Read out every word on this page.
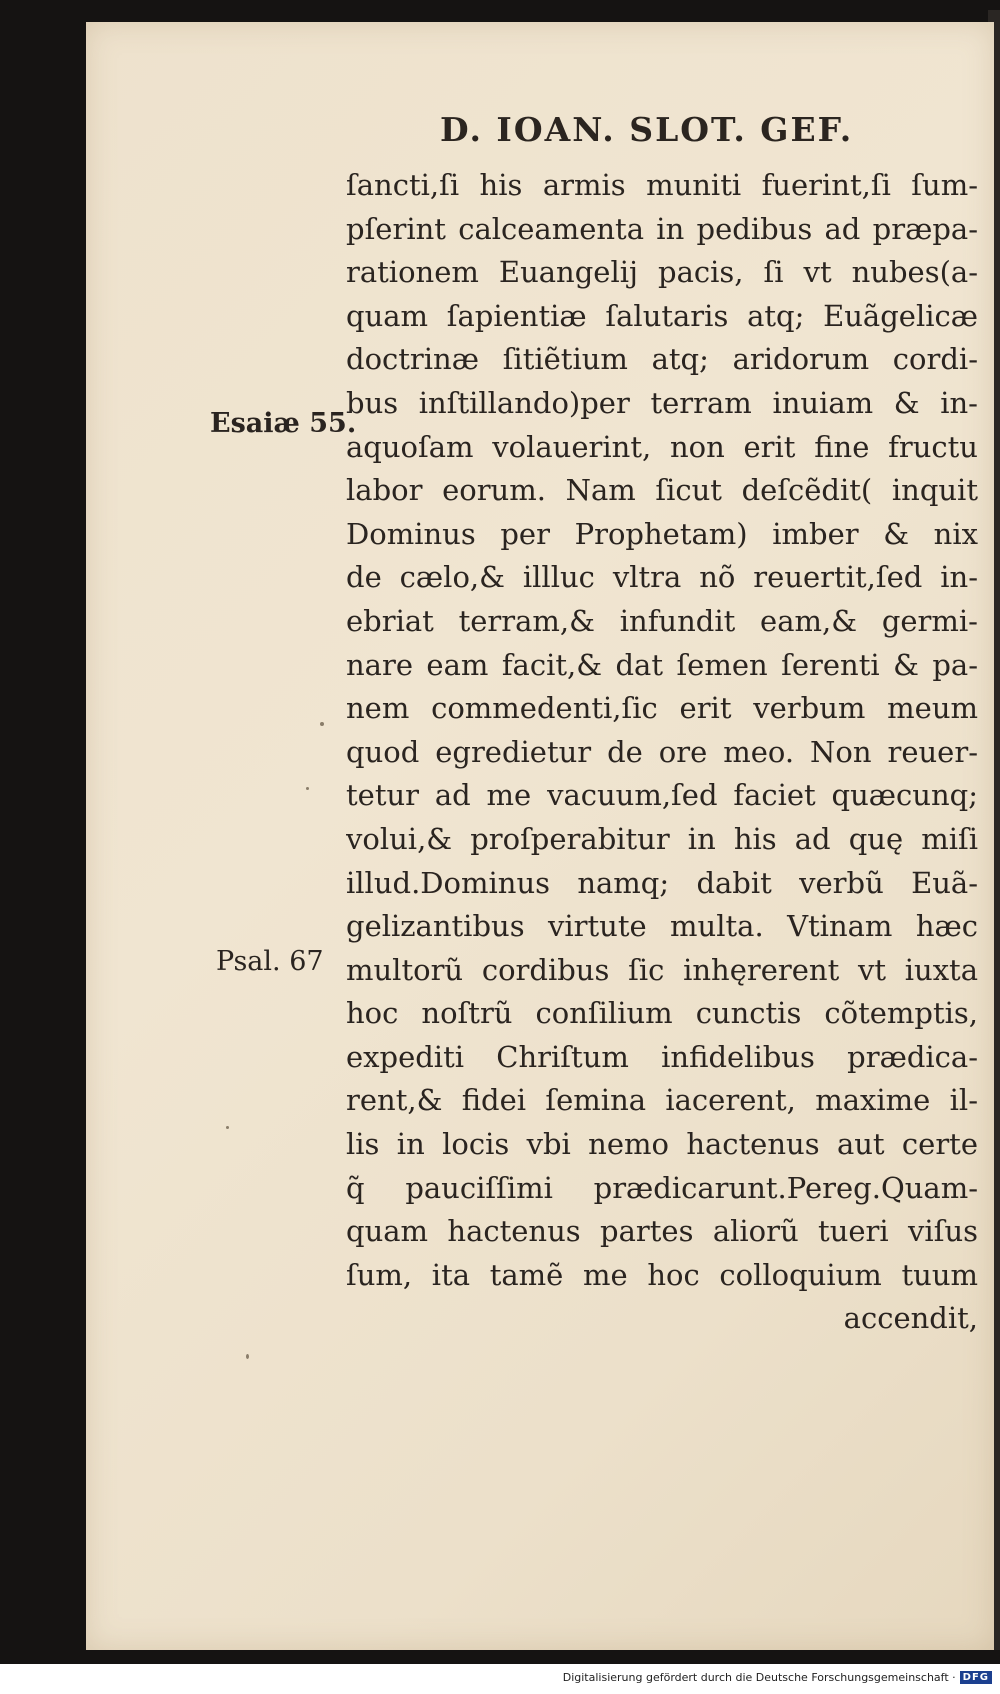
D. IOAN. SLOT. GEF.
Esaiæ 55.
Psal. 67
ſancti,ſi his armis muniti fuerint,ſi ſum-
pſerint calceamenta in pedibus ad præpa-
rationem Euangelij pacis, ſi vt nubes(a-
quam ſapientiæ ſalutaris atq; Euãgelicæ
doctrinæ ſitiẽtium atq; aridorum cordi-
bus inſtillando)per terram inuiam & in-
aquoſam volauerint, non erit fine fructu
labor eorum. Nam ſicut deſcẽdit( inquit
Dominus per Prophetam) imber & nix
de cælo,& illluc vltra nõ reuertit,ſed in-
ebriat terram,& infundit eam,& germi-
nare eam facit,& dat ſemen ſerenti & pa-
nem commedenti,ſic erit verbum meum
quod egredietur de ore meo. Non reuer-
tetur ad me vacuum,ſed faciet quæcunq;
volui,& proſperabitur in his ad quę miſi
illud.Dominus namq; dabit verbũ Euã-
gelizantibus virtute multa. Vtinam hæc
multorũ cordibus ſic inhęrerent vt iuxta
hoc noſtrũ conſilium cunctis cõtemptis,
expediti Chriſtum infidelibus prædica-
rent,& fidei ſemina iacerent, maxime il-
lis in locis vbi nemo hactenus aut certe
q̃ pauciſſimi prædicarunt.Pereg.Quam-
quam hactenus partes aliorũ tueri viſus
ſum, ita tamẽ me hoc colloquium tuum
accendit,
Digitalisierung gefördert durch die Deutsche Forschungsgemeinschaft · DFG
